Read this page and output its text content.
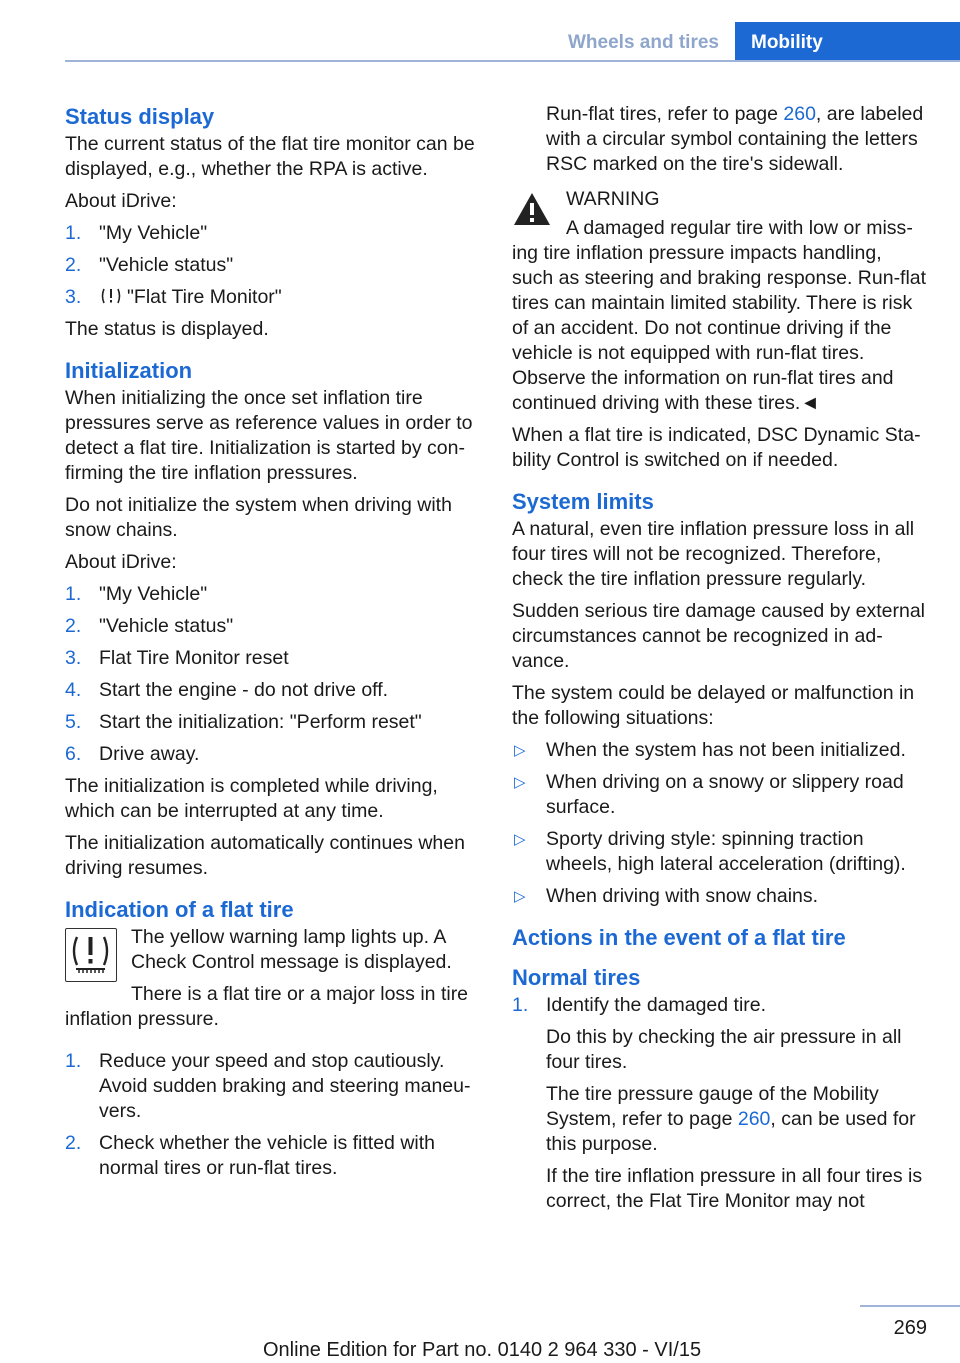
Wheels and tires	Mobility
Status display

The current status of the flat tire monitor can be displayed, e.g., whether the RPA is active.

About iDrive:

1. "My Vehicle"
2. "Vehicle status"
3. "Flat Tire Monitor"

The status is displayed.

Initialization

When initializing the once set inflation tire pressures serve as reference values in order to detect a flat tire. Initialization is started by confirming the tire inflation pressures.

Do not initialize the system when driving with snow chains.

About iDrive:

1. "My Vehicle"
2. "Vehicle status"
3. Flat Tire Monitor reset
4. Start the engine - do not drive off.
5. Start the initialization: "Perform reset"
6. Drive away.

The initialization is completed while driving, which can be interrupted at any time.

The initialization automatically continues when driving resumes.

Indication of a flat tire

The yellow warning lamp lights up. A Check Control message is displayed.

There is a flat tire or a major loss in tire inflation pressure.

1. Reduce your speed and stop cautiously. Avoid sudden braking and steering maneuvers.
2. Check whether the vehicle is fitted with normal tires or run-flat tires.

Run-flat tires, refer to page 260, are labeled with a circular symbol containing the letters RSC marked on the tire's sidewall.

WARNING

A damaged regular tire with low or missing tire inflation pressure impacts handling, such as steering and braking response. Run-flat tires can maintain limited stability. There is risk of an accident. Do not continue driving if the vehicle is not equipped with run-flat tires. Observe the information on run-flat tires and continued driving with these tires.◄

When a flat tire is indicated, DSC Dynamic Stability Control is switched on if needed.

System limits

A natural, even tire inflation pressure loss in all four tires will not be recognized. Therefore, check the tire inflation pressure regularly.

Sudden serious tire damage caused by external circumstances cannot be recognized in advance.

The system could be delayed or malfunction in the following situations:

▷ When the system has not been initialized.
▷ When driving on a snowy or slippery road surface.
▷ Sporty driving style: spinning traction wheels, high lateral acceleration (drifting).
▷ When driving with snow chains.
Actions in the event of a flat tire
Normal tires
1. Identify the damaged tire.

Do this by checking the air pressure in all four tires.

The tire pressure gauge of the Mobility System, refer to page 260, can be used for this purpose.

If the tire inflation pressure in all four tires is correct, the Flat Tire Monitor may not

269
Online Edition for Part no. 0140 2 964 330 - VI/15
